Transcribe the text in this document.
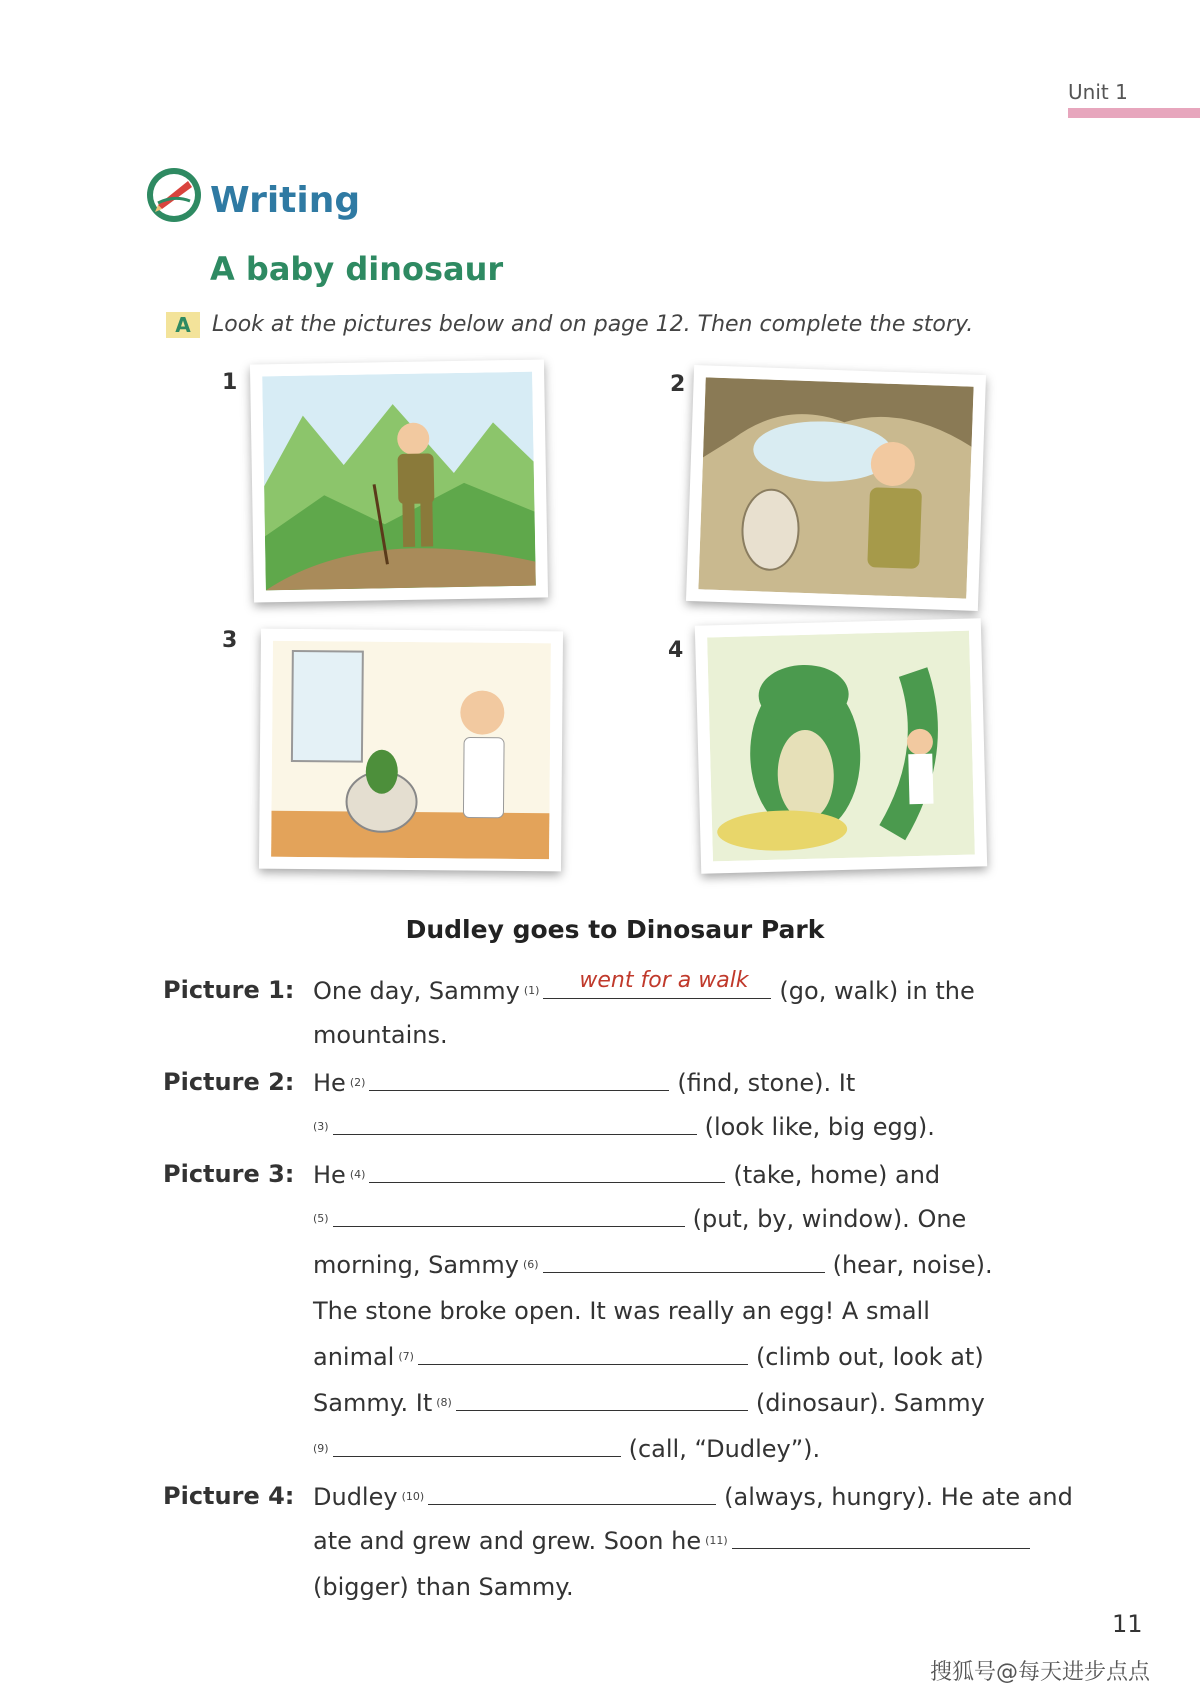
Unit 1
Writing
A baby dinosaur
A Look at the pictures below and on page 12. Then complete the story.
1	2
3	4
Dudley goes to Dinosaur Park
Picture 1: One day, Sammy $^{(1)}$ went for a walk (go, walk) in the
mountains.
Picture 2: He $^{(2)}$	(find, stone). It
$^{(3)}$	(look like, big egg).
Picture 3: He $^{(4)}$	(take, home) and
$^{(5)}$	(put, by, window). One
morning, Sammy $^{(6)}$	(hear, noise).
The stone broke open. It was really an egg! A small
animal $^{(7)}$	(climb out, look at)
Sammy. It $^{(8)}$	(dinosaur). Sammy
$^{(9)}$	(call, “Dudley”).
Picture 4: Dudley $^{(10)}$	(always, hungry). He ate and
ate and grew and grew. Soon he $^{(11)}$
(bigger) than Sammy.
11
搜狐号@每天进步点点
